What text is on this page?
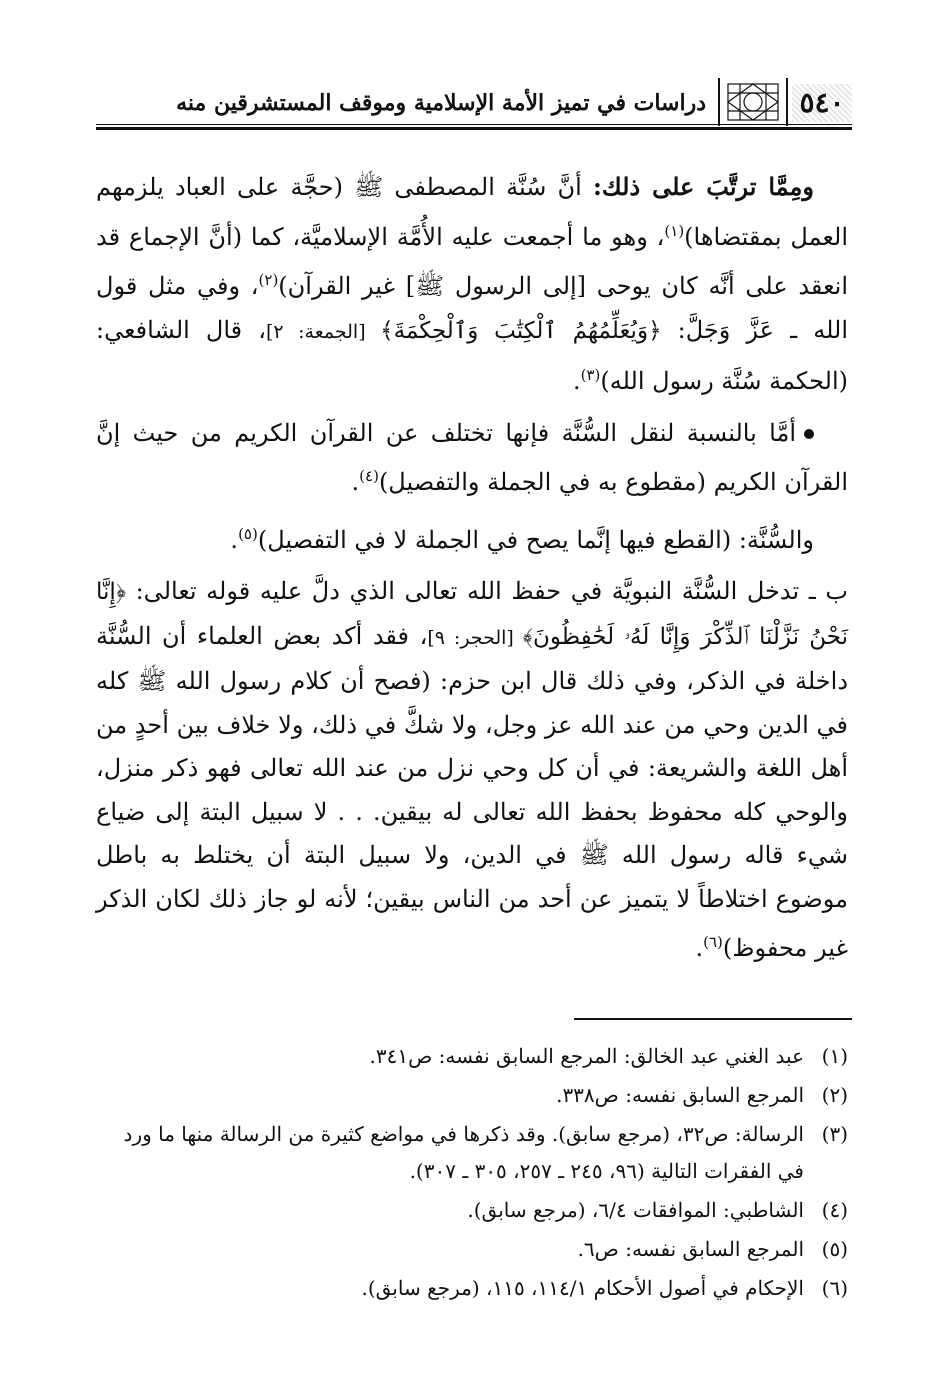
٥٤٠
دراسات في تميز الأمة الإسلامية وموقف المستشرقين منه

ومِمَّا ترتَّبَ على ذلك: أنَّ سُنَّة المصطفى ﷺ (حجَّة على العباد يلزمهم العمل بمقتضاها)$^{(١)}$، وهو ما أجمعت عليه الأُمَّة الإسلاميَّة، كما (أنَّ الإجماع قد انعقد على أنَّه كان يوحى [إلى الرسول ﷺ] غير القرآن)$^{(٢)}$، وفي مثل قول الله ـ عَزَّ وَجَلَّ: ﴿وَيُعَلِّمُهُمُ ٱلْكِتَٰبَ وَٱلْحِكْمَةَ﴾ [الجمعة: ٢]، قال الشافعي: (الحكمة سُنَّة رسول الله)$^{(٣)}$.

أمَّا بالنسبة لنقل السُّنَّة فإنها تختلف عن القرآن الكريم من حيث إنَّ القرآن الكريم (مقطوع به في الجملة والتفصيل)$^{(٤)}$.

والسُّنَّة: (القطع فيها إنَّما يصح في الجملة لا في التفصيل)$^{(٥)}$.

ب ـ تدخل السُّنَّة النبويَّة في حفظ الله تعالى الذي دلَّ عليه قوله تعالى: ﴿إِنَّا نَحْنُ نَزَّلْنَا ٱلذِّكْرَ وَإِنَّا لَهُۥ لَحَٰفِظُونَ﴾ [الحجر: ٩]، فقد أكد بعض العلماء أن السُّنَّة داخلة في الذكر، وفي ذلك قال ابن حزم: (فصح أن كلام رسول الله ﷺ كله في الدين وحي من عند الله عز وجل، ولا شكَّ في ذلك، ولا خلاف بين أحدٍ من أهل اللغة والشريعة: في أن كل وحي نزل من عند الله تعالى فهو ذكر منزل، والوحي كله محفوظ بحفظ الله تعالى له بيقين. . . لا سبيل البتة إلى ضياع شيء قاله رسول الله ﷺ في الدين، ولا سبيل البتة أن يختلط به باطل موضوع اختلاطاً لا يتميز عن أحد من الناس بيقين؛ لأنه لو جاز ذلك لكان الذكر غير محفوظ)$^{(٦)}$.

(١)
عبد الغني عبد الخالق: المرجع السابق نفسه: ص٣٤١.
(٢)
المرجع السابق نفسه: ص٣٣٨.
(٣)
الرسالة: ص٣٢، (مرجع سابق). وقد ذكرها في مواضع كثيرة من الرسالة منها ما ورد في الفقرات التالية (٩٦، ٢٤٥ ـ ٢٥٧، ٣٠٥ ـ ٣٠٧).
(٤)
الشاطبي: الموافقات ٦/٤، (مرجع سابق).
(٥)
المرجع السابق نفسه: ص٦.
(٦)
الإحكام في أصول الأحكام ١١٤/١، ١١٥، (مرجع سابق).
